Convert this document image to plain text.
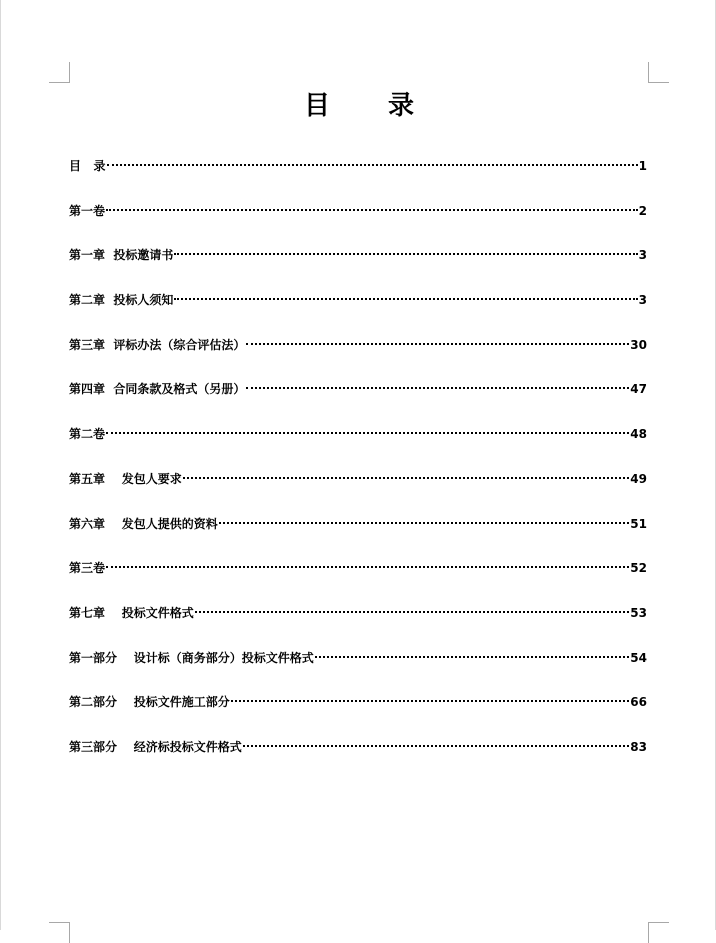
目 录
目   录	1
第一卷	2
第一章  投标邀请书	3
第二章  投标人须知	3
第三章  评标办法（综合评估法）	30
第四章  合同条款及格式（另册）	47
第二卷	48
第五章    发包人要求	49
第六章    发包人提供的资料	51
第三卷	52
第七章    投标文件格式	53
第一部分    设计标（商务部分）投标文件格式	54
第二部分    投标文件施工部分	66
第三部分    经济标投标文件格式	83
